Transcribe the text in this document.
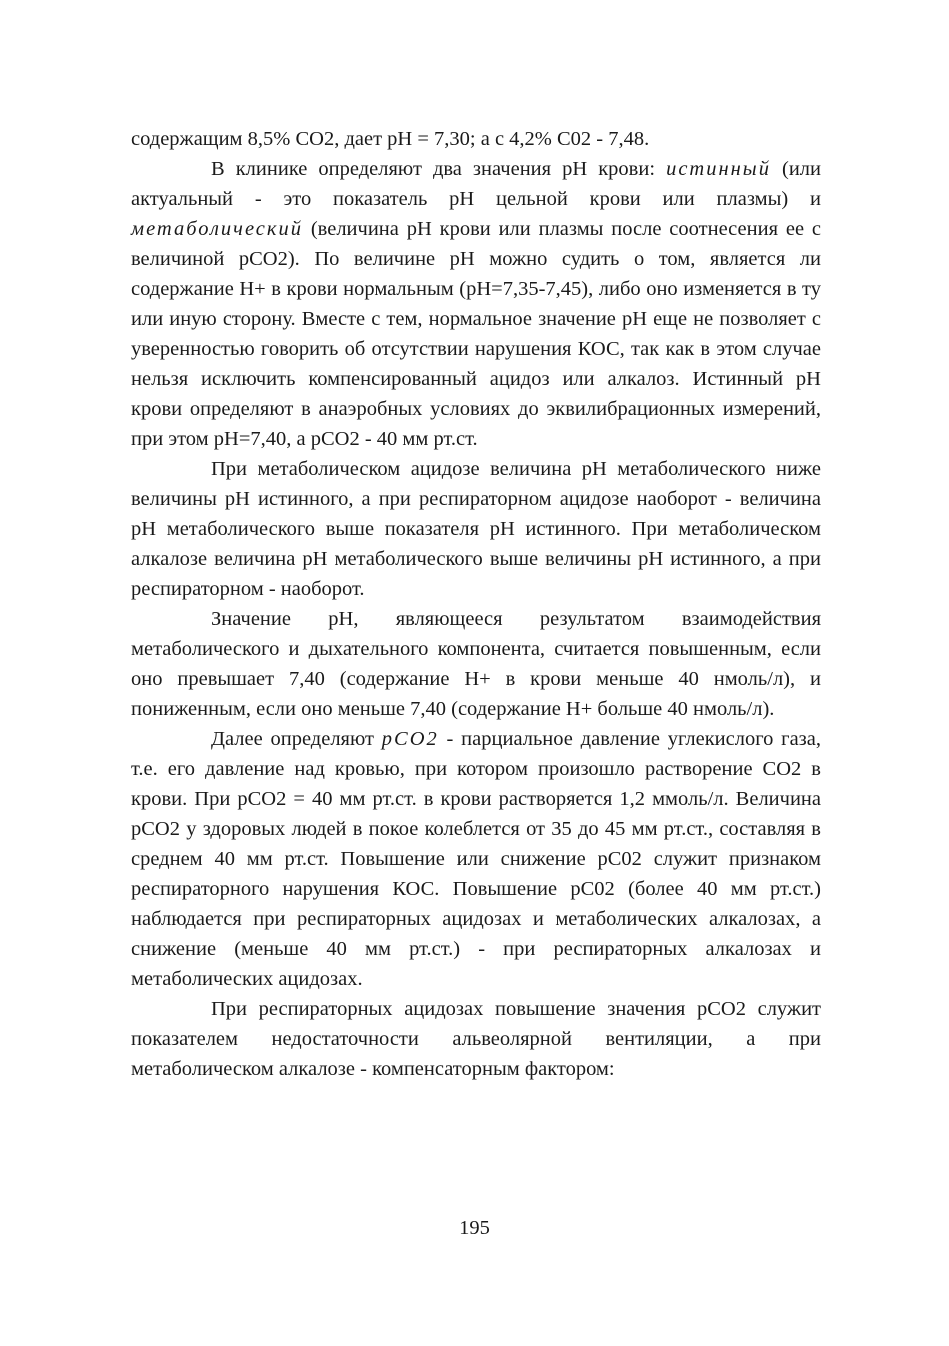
содержащим 8,5% СО2, дает рН = 7,30; а с 4,2% С02 - 7,48.

В клинике определяют два значения рН крови: истинный (или актуальный - это показатель рН цельной крови или плазмы) и метаболический (величина рН крови или плазмы после соотнесения ее с величиной рСО2). По величине рН можно судить о том, является ли содержание Н+ в крови нормальным (рН=7,35-7,45), либо оно изменяется в ту или иную сторону. Вместе с тем, нормальное значение рН еще не позволяет с уверенностью говорить об отсутствии нарушения КОС, так как в этом случае нельзя исключить компенсированный ацидоз или алкалоз. Истинный рН крови определяют в анаэробных условиях до эквилибрационных измерений, при этом рН=7,40, а рСО2 - 40 мм рт.ст.

При метаболическом ацидозе величина рН метаболического ниже величины рН истинного, а при респираторном ацидозе наоборот - величина рН метаболического выше показателя рН истинного. При метаболическом алкалозе величина рН метаболического выше величины рН истинного, а при респираторном - наоборот.

Значение рН, являющееся результатом взаимодействия метаболического и дыхательного компонента, считается повышенным, если оно превышает 7,40 (содержание Н+ в крови меньше 40 нмоль/л), и пониженным, если оно меньше 7,40 (содержание Н+ больше 40 нмоль/л).

Далее определяют рСО2 - парциальное давление углекислого газа, т.е. его давление над кровью, при котором произошло растворение СО2 в крови. При рСО2 = 40 мм рт.ст. в крови растворяется 1,2 ммоль/л. Величина рСО2 у здоровых людей в покое колеблется от 35 до 45 мм рт.ст., составляя в среднем 40 мм рт.ст. Повышение или снижение рС02 служит признаком респираторного нарушения КОС. Повышение рС02 (более 40 мм рт.ст.) наблюдается при респираторных ацидозах и метаболических алкалозах, а снижение (меньше 40 мм рт.ст.) - при респираторных алкалозах и метаболических ацидозах.

При респираторных ацидозах повышение значения рСО2 служит показателем недостаточности альвеолярной вентиляции, а при метаболическом алкалозе - компенсаторным фактором:

195
